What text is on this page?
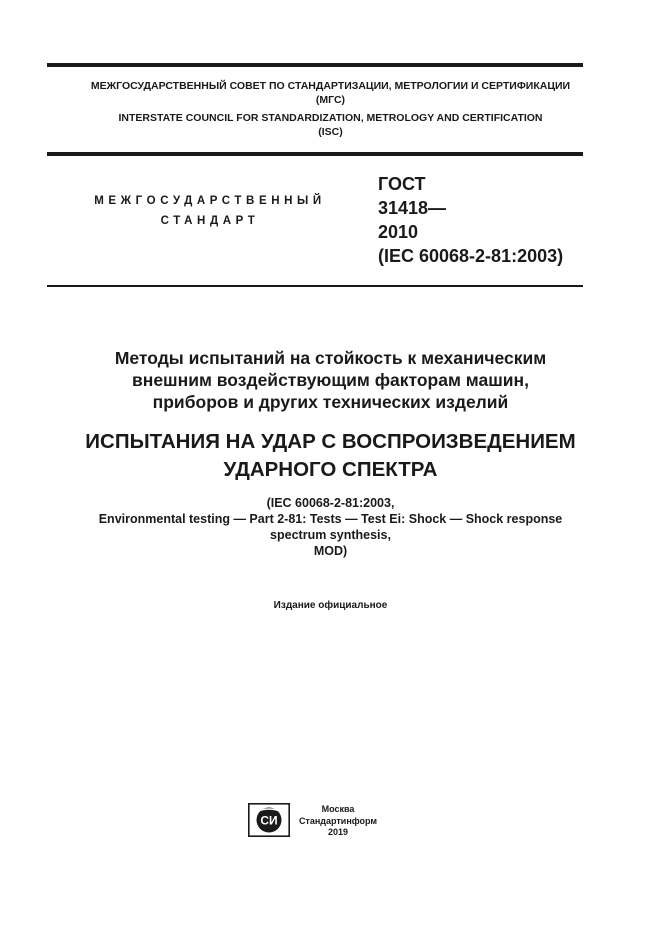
МЕЖГОСУДАРСТВЕННЫЙ СОВЕТ ПО СТАНДАРТИЗАЦИИ, МЕТРОЛОГИИ И СЕРТИФИКАЦИИ
(МГС)
INTERSTATE COUNCIL FOR STANDARDIZATION, METROLOGY AND CERTIFICATION
(ISC)
МЕЖГОСУДАРСТВЕННЫЙ
СТАНДАРТ
ГОСТ
31418—
2010
(IEC 60068-2-81:2003)
Методы испытаний на стойкость к механическим
внешним воздействующим факторам машин,
приборов и других технических изделий
ИСПЫТАНИЯ НА УДАР С ВОСПРОИЗВЕДЕНИЕМ
УДАРНОГО СПЕКТРА
(IEC 60068-2-81:2003,
Environmental testing — Part 2-81: Tests — Test Ei: Shock — Shock response
spectrum synthesis,
MOD)
Издание официальное
СИ
Москва
Стандартинформ
2019
